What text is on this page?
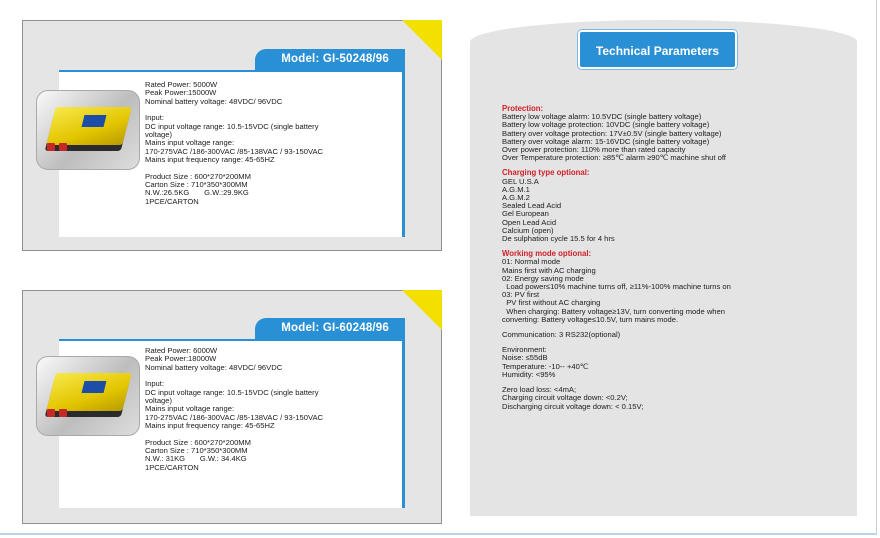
Model: GI-50248/96
Rated Power: 5000W
Peak Power:15000W
Nominal battery voltage: 48VDC/ 96VDC
Input:
DC input voltage range: 10.5-15VDC (single battery
voltage)
Mains input voltage range:
170-275VAC /186-300VAC /85-138VAC / 93-150VAC
Mains input frequency range: 45-65HZ
Product Size : 600*270*200MM
Carton Size : 710*350*300MM
N.W.:26.5KG       G.W.:29.9KG
1PCE/CARTON
Model: GI-60248/96
Rated Power: 6000W
Peak Power:18000W
Nominal battery voltage: 48VDC/ 96VDC
Input:
DC input voltage range: 10.5-15VDC (single battery
voltage)
Mains input voltage range:
170-275VAC /186-300VAC /85-138VAC / 93-150VAC
Mains input frequency range: 45-65HZ
Product Size : 600*270*200MM
Carton Size : 710*350*300MM
N.W.: 31KG       G.W.: 34.4KG
1PCE/CARTON
Technical Parameters
Protection:
Battery low voltage alarm: 10.5VDC (single battery voltage)
Battery low voltage protection: 10VDC (single battery voltage)
Battery over voltage protection: 17V±0.5V (single battery voltage)
Battery over voltage alarm: 15-16VDC (single battery voltage)
Over power protection: 110% more than rated capacity
Over Temperature protection: ≥85℃ alarm ≥90℃ machine shut off
Charging type optional:
GEL U.S.A
A.G.M.1
A.G.M.2
Sealed Lead Acid
Gel European
Open Lead Acid
Calcium (open)
De sulphation cycle 15.5 for 4 hrs
Working mode optional:
01: Normal mode
Mains first with AC charging
02: Energy saving mode
Load power≤10% machine turns off, ≥11%-100% machine turns on
03: PV first
PV first without AC charging
When charging: Battery voltage≥13V, turn converting mode when
converting: Battery voltage≤10.5V, turn mains mode.
Communication: 3 RS232(optional)
Environment:
Noise: ≤55dB
Temperature: -10-- +40℃
Humidity: <95%
Zero load loss: <4mA;
Charging circuit voltage down: <0.2V;
Discharging circuit voltage down: < 0.15V;
